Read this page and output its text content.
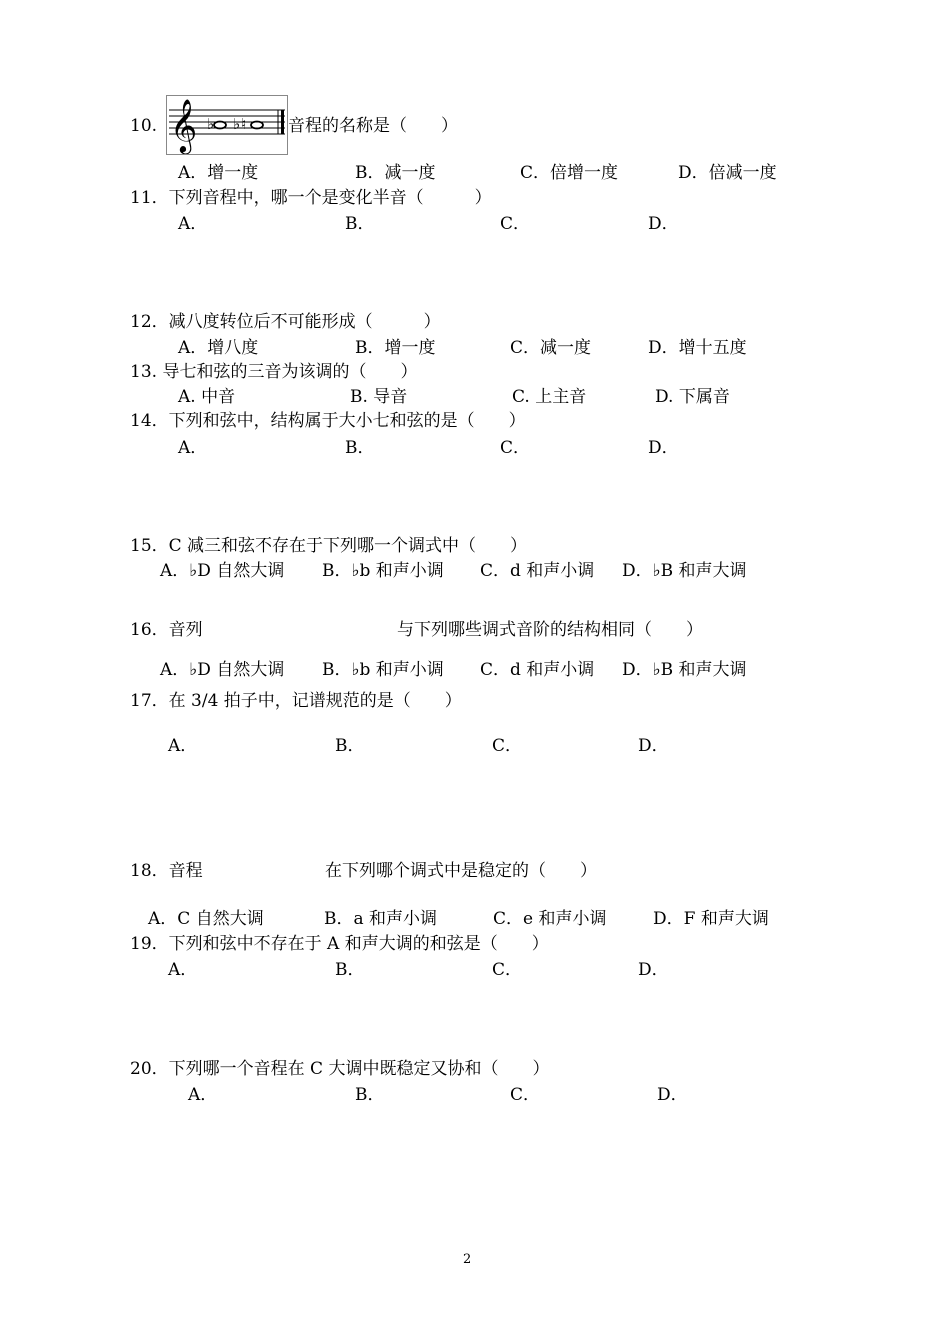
10. 𝄞 ♭ ♭ ♮ 音程的名称是（　　）
A．增一度	B．减一度	C．倍增一度	D．倍减一度
11．下列音程中，哪一个是变化半音（　　　）
A．	B．	C．	D．
12．减八度转位后不可能形成（　　　）
A．增八度	B．增一度	C．减一度	D．增十五度
13. 导七和弦的三音为该调的（　　）
A. 中音	B. 导音	C. 上主音	D. 下属音
14．下列和弦中，结构属于大小七和弦的是（　　）
A．	B．	C．	D．
15．C 减三和弦不存在于下列哪一个调式中（　　）
A．♭D 自然大调 B．♭b 和声小调 C．d 和声小调 D．♭B 和声大调
16．音列	与下列哪些调式音阶的结构相同（　　）
A．♭D 自然大调 B．♭b 和声小调 C．d 和声小调 D．♭B 和声大调
17．在 3/4 拍子中，记谱规范的是（　　）
A．	B．	C．	D．
18．音程	在下列哪个调式中是稳定的（　　）
A．C 自然大调	B．a 和声小调	C．e 和声小调	D．F 和声大调
19．下列和弦中不存在于 A 和声大调的和弦是（　　）
A．	B．	C．	D．
20．下列哪一个音程在 C 大调中既稳定又协和（　　）
A．	B．	C．	D．
2
